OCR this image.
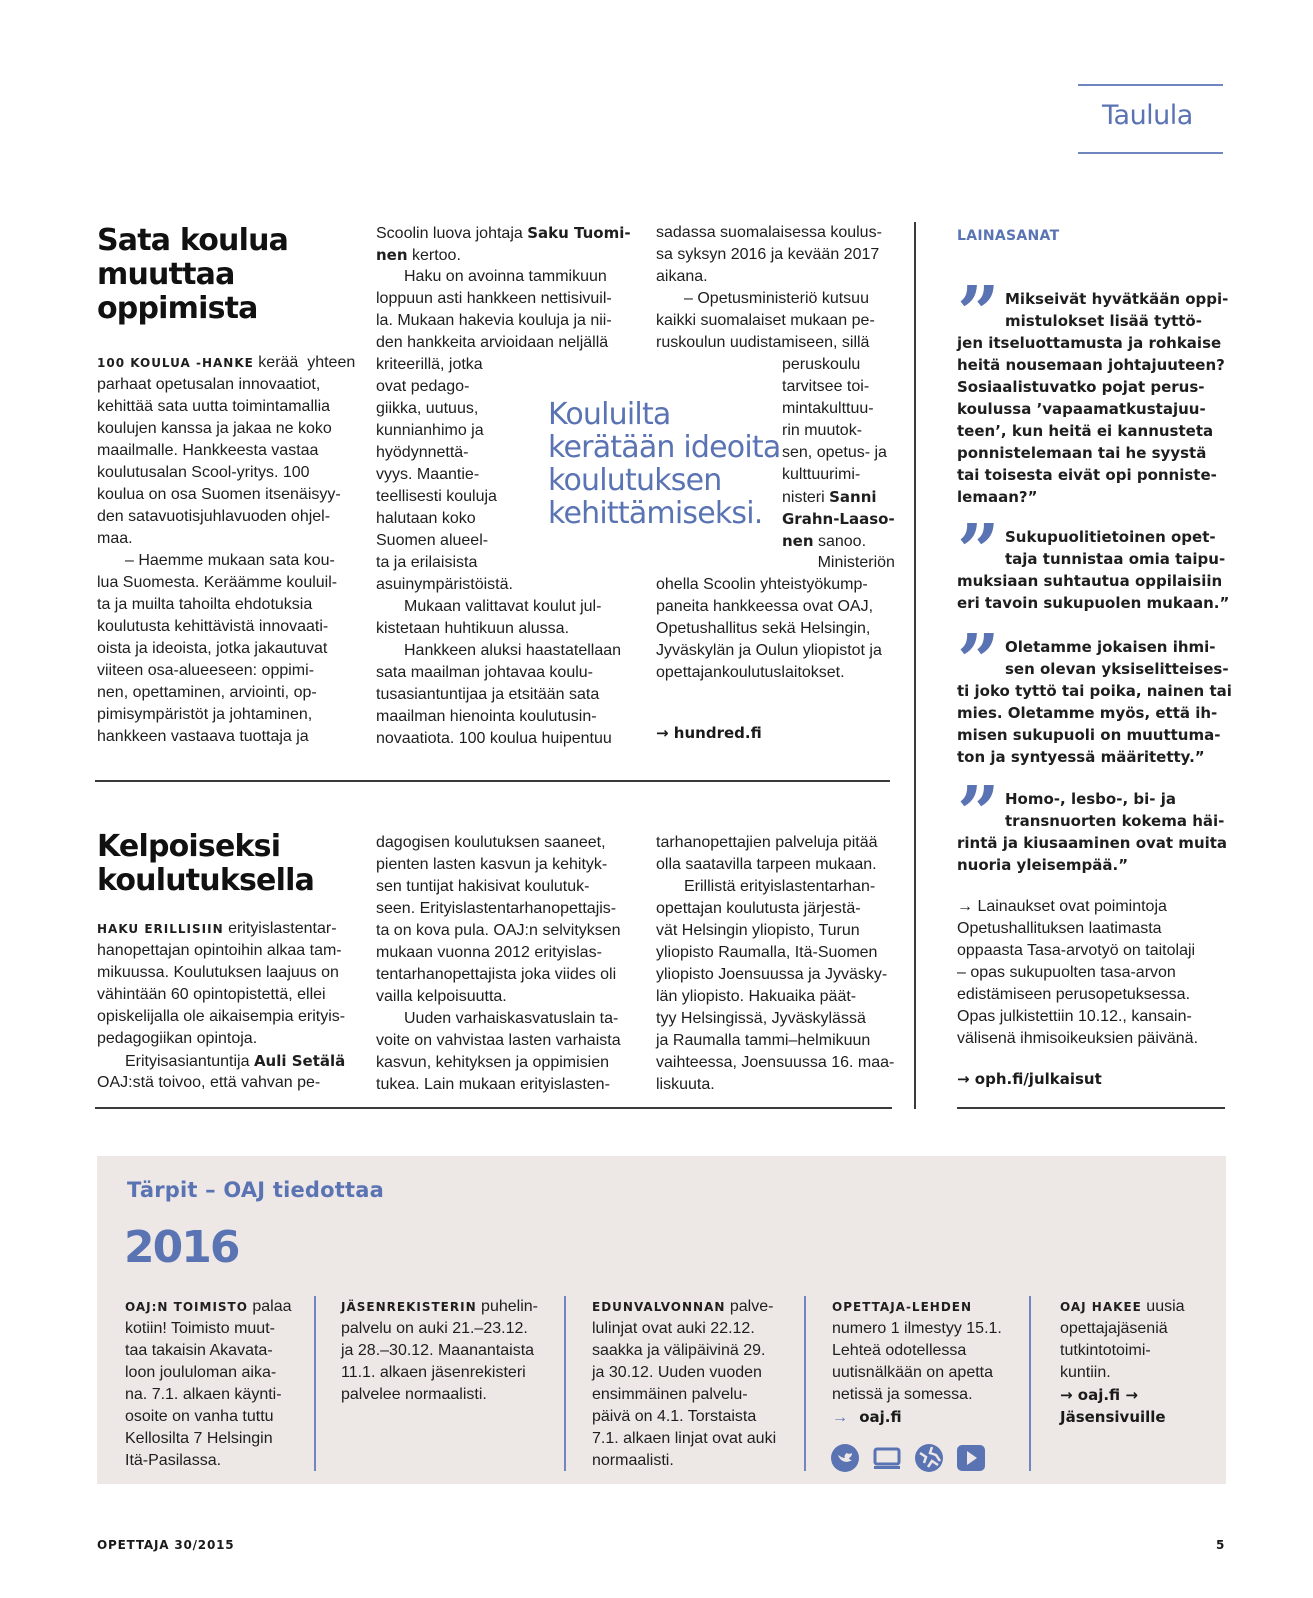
Taulula
Sata koulua
muuttaa
oppimista
100 KOULUA -HANKE kerää  yhteen
parhaat opetusalan innovaatiot,
kehittää sata uutta toimintamallia
koulujen kanssa ja jakaa ne koko
maailmalle. Hankkeesta vastaa
koulutusalan Scool-yritys. 100
koulua on osa Suomen itsenäisyy-
den satavuotisjuhlavuoden ohjel-
maa.
– Haemme mukaan sata kou-
lua Suomesta. Keräämme kouluil-
ta ja muilta tahoilta ehdotuksia
koulutusta kehittävistä innovaati-
oista ja ideoista, jotka jakautuvat
viiteen osa-alueeseen: oppimi-
nen, opettaminen, arviointi, op-
pimisympäristöt ja johtaminen,
hankkeen vastaava tuottaja ja
Scoolin luova johtaja Saku Tuomi-
nen kertoo.
Haku on avoinna tammikuun
loppuun asti hankkeen nettisivuil-
la. Mukaan hakevia kouluja ja nii-
den hankkeita arvioidaan neljällä
kriteerillä, jotka
ovat pedago-
giikka, uutuus,
kunnianhimo ja
hyödynnettä-
vyys. Maantie-
teellisesti kouluja
halutaan koko
Suomen alueel-
ta ja erilaisista
asuinympäristöistä.
Mukaan valittavat koulut jul-
kistetaan huhtikuun alussa.
Hankkeen aluksi haastatellaan
sata maailman johtavaa koulu-
tusasiantuntijaa ja etsitään sata
maailman hienointa koulutusin-
novaatiota. 100 koulua huipentuu
sadassa suomalaisessa koulus-
sa syksyn 2016 ja kevään 2017
aikana.
– Opetusministeriö kutsuu
kaikki suomalaiset mukaan pe-
ruskoulun uudistamiseen, sillä
peruskoulu
tarvitsee toi-
mintakulttuu-
rin muutok-
sen, opetus- ja
kulttuurimi-
nisteri Sanni
Grahn-Laaso-
nen sanoo.
Ministeriön
ohella Scoolin yhteistyökump-
paneita hankkeessa ovat OAJ,
Opetushallitus sekä Helsingin,
Jyväskylän ja Oulun yliopistot ja
opettajankoulutuslaitokset.
→ hundred.fi
Kouluilta
kerätään ideoita
koulutuksen
kehittämiseksi.
Kelpoiseksi
koulutuksella
HAKU ERILLISIIN erityislastentar-
hanopettajan opintoihin alkaa tam-
mikuussa. Koulutuksen laajuus on
vähintään 60 opintopistettä, ellei
opiskelijalla ole aikaisempia erityis-
pedagogiikan opintoja.
Erityisasiantuntija Auli Setälä
OAJ:stä toivoo, että vahvan pe-
dagogisen koulutuksen saaneet,
pienten lasten kasvun ja kehityk-
sen tuntijat hakisivat koulutuk-
seen. Erityislastentarhanopettajis-
ta on kova pula. OAJ:n selvityksen
mukaan vuonna 2012 erityislas-
tentarhanopettajista joka viides oli
vailla kelpoisuutta.
Uuden varhaiskasvatuslain ta-
voite on vahvistaa lasten varhaista
kasvun, kehityksen ja oppimisien
tukea. Lain mukaan erityislasten-
tarhanopettajien palveluja pitää
olla saatavilla tarpeen mukaan.
Erillistä erityislastentarhan-
opettajan koulutusta järjestä-
vät Helsingin yliopisto, Turun
yliopisto Raumalla, Itä-Suomen
yliopisto Joensuussa ja Jyväsky-
län yliopisto. Hakuaika päät-
tyy Helsingissä, Jyväskylässä
ja Raumalla tammi–helmikuun
vaihteessa, Joensuussa 16. maa-
liskuuta.
LAINASANAT
” Mikseivät hyvätkään oppi-
mistulokset lisää tyttö-
jen itseluottamusta ja rohkaise
heitä nousemaan johtajuuteen?
Sosiaalistuvatko pojat perus-
koulussa ’vapaamatkustajuu-
teen’, kun heitä ei kannusteta
ponnistelemaan tai he syystä
tai toisesta eivät opi ponniste-
lemaan?”
” Sukupuolitietoinen opet-
taja tunnistaa omia taipu-
muksiaan suhtautua oppilaisiin
eri tavoin sukupuolen mukaan.”
” Oletamme jokaisen ihmi-
sen olevan yksiselitteises-
ti joko tyttö tai poika, nainen tai
mies. Oletamme myös, että ih-
misen sukupuoli on muuttuma-
ton ja syntyessä määritetty.”
” Homo-, lesbo-, bi- ja
transnuorten kokema häi-
rintä ja kiusaaminen ovat muita
nuoria yleisempää.”
→ Lainaukset ovat poimintoja
Opetushallituksen laatimasta
oppaasta Tasa-arvotyö on taitolaji
– opas sukupuolten tasa-arvon
edistämiseen perusopetuksessa.
Opas julkistettiin 10.12., kansain-
välisenä ihmisoikeuksien päivänä.
→ oph.fi/julkaisut
Tärpit – OAJ tiedottaa
2016
OAJ:N TOIMISTO palaa
kotiin! Toimisto muut-
taa takaisin Akavata-
loon joululoman aika-
na. 7.1. alkaen käynti-
osoite on vanha tuttu
Kellosilta 7 Helsingin
Itä-Pasilassa.
JÄSENREKISTERIN puhelin-
palvelu on auki 21.–23.12.
ja 28.–30.12. Maanantaista
11.1. alkaen jäsenrekisteri
palvelee normaalisti.
EDUNVALVONNAN palve-
lulinjat ovat auki 22.12.
saakka ja välipäivinä 29.
ja 30.12. Uuden vuoden
ensimmäinen palvelu-
päivä on 4.1. Torstaista
7.1. alkaen linjat ovat auki
normaalisti.
OPETTAJA-LEHDEN
numero 1 ilmestyy 15.1.
Lehteä odotellessa
uutisnälkään on apetta
netissä ja somessa.
→ oaj.fi
OAJ HAKEE uusia
opettajajäseniä
tutkintotoimi-
kuntiin.
→ oaj.fi →
Jäsensivuille
OPETTAJA 30/2015	5
